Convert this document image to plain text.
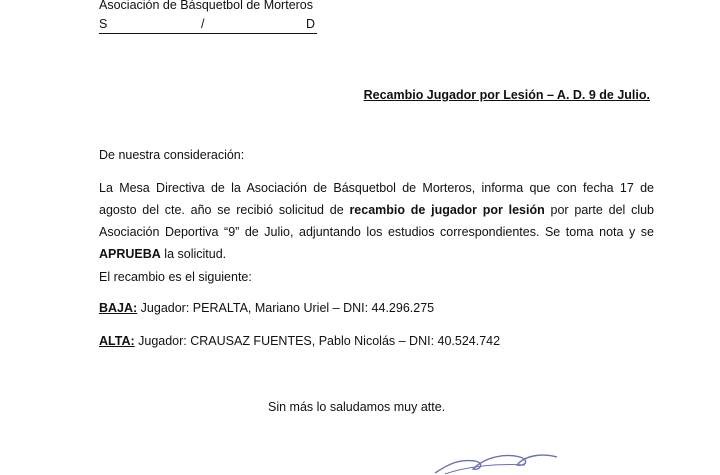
Asociación de Básquetbol de Morteros
S	/	D
Recambio Jugador por Lesión – A. D. 9 de Julio.
De nuestra consideración:
La Mesa Directiva de la Asociación de Básquetbol de Morteros, informa que con fecha 17 de
agosto del cte. año se recibió solicitud de recambio de jugador por lesión por parte del club
Asociación Deportiva “9” de Julio, adjuntando los estudios correspondientes. Se toma nota y se
APRUEBA la solicitud.
El recambio es el siguiente:
BAJA: Jugador: PERALTA, Mariano Uriel – DNI: 44.296.275
ALTA: Jugador: CRAUSAZ FUENTES, Pablo Nicolás – DNI: 40.524.742
Sin más lo saludamos muy atte.
